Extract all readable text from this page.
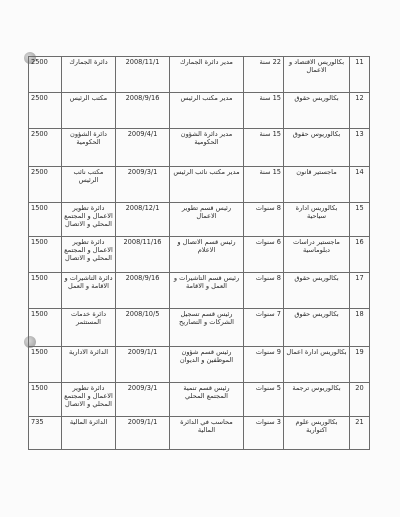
11	بكالوريس الاقتصاد و الاعمال	22 سنة	مدير دائرة الجمارك	2008/11/1	دائرة الجمارك	2500
12	بكالوريس حقوق	15 سنة	مدير مكتب الرئيس	2008/9/16	مكتب الرئيس	2500
13	بكالوريوس حقوق	15 سنة	مدير دائرة الشؤون الحكومية	2009/4/1	دائرة الشؤون الحكومية	2500
14	ماجستير قانون	15 سنة	مدير مكتب نائب الرئيس	2009/3/1	مكتب نائب الرئيس	2500
15	بكالوريس ادارة سياحية	8 سنوات	رئيس قسم تطوير الاعمال	2008/12/1	دائرة تطوير الاعمال و المجتمع المحلي و الاتصال	1500
16	ماجستير دراسات دبلوماسية	6 سنوات	رئيس قسم الاتصال و الاعلام	2008/11/16	دائرة تطوير الاعمال و المجتمع المحلي و الاتصال	1500
17	بكالوريس حقوق	8 سنوات	رئيس قسم التاشيرات و العمل و الاقامة	2008/9/16	دائرة التاشيرات و الاقامة و العمل	1500
18	بكالوريس حقوق	7 سنوات	رئيس قسم تسجيل الشركات و التصاريح	2008/10/5	دائرة خدمات المستثمر	1500
19	بكالوريس ادارة اعمال	9 سنوات	رئيس قسم شؤون الموظفين و الديوان	2009/1/1	الدائرة الادارية	1500
20	بكالوريوس ترجمة	5 سنوات	رئيس قسم تنمية المجتمع المحلي	2009/3/1	دائرة تطوير الاعمال و المجتمع المحلي و الاتصال	1500
21	بكالوريس علوم اكتوارية	3 سنوات	محاسب في الدائرة المالية	2009/1/1	الدائرة المالية	735
